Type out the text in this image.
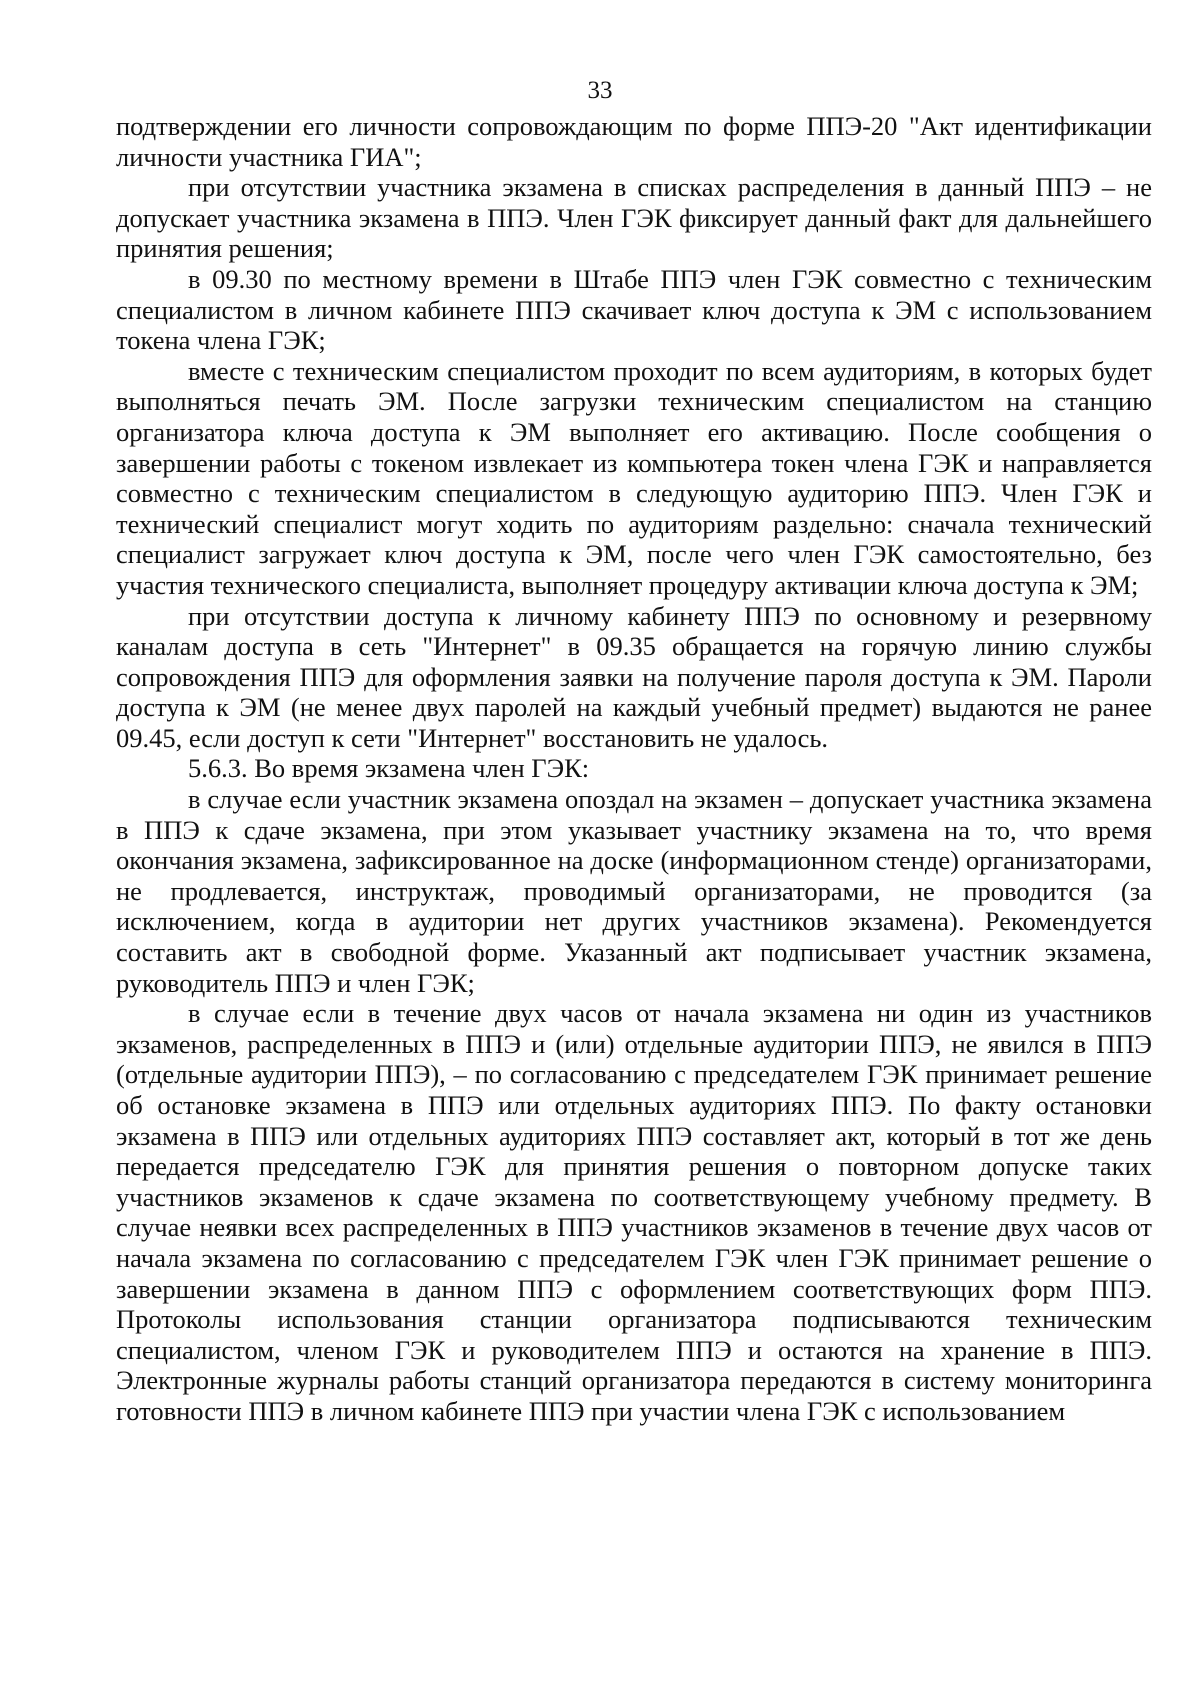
33

подтверждении его личности сопровождающим по форме ППЭ-20 "Акт идентификации личности участника ГИА";

при отсутствии участника экзамена в списках распределения в данный ППЭ – не допускает участника экзамена в ППЭ. Член ГЭК фиксирует данный факт для дальнейшего принятия решения;

в 09.30 по местному времени в Штабе ППЭ член ГЭК совместно с техническим специалистом в личном кабинете ППЭ скачивает ключ доступа к ЭМ с использованием токена члена ГЭК;

вместе с техническим специалистом проходит по всем аудиториям, в которых будет выполняться печать ЭМ. После загрузки техническим специалистом на станцию организатора ключа доступа к ЭМ выполняет его активацию. После сообщения о завершении работы с токеном извлекает из компьютера токен члена ГЭК и направляется совместно с техническим специалистом в следующую аудиторию ППЭ. Член ГЭК и технический специалист могут ходить по аудиториям раздельно: сначала технический специалист загружает ключ доступа к ЭМ, после чего член ГЭК самостоятельно, без участия технического специалиста, выполняет процедуру активации ключа доступа к ЭМ;

при отсутствии доступа к личному кабинету ППЭ по основному и резервному каналам доступа в сеть "Интернет" в 09.35 обращается на горячую линию службы сопровождения ППЭ для оформления заявки на получение пароля доступа к ЭМ. Пароли доступа к ЭМ (не менее двух паролей на каждый учебный предмет) выдаются не ранее 09.45, если доступ к сети "Интернет" восстановить не удалось.

5.6.3. Во время экзамена член ГЭК:

в случае если участник экзамена опоздал на экзамен – допускает участника экзамена в ППЭ к сдаче экзамена, при этом указывает участнику экзамена на то, что время окончания экзамена, зафиксированное на доске (информационном стенде) организаторами, не продлевается, инструктаж, проводимый организаторами, не проводится (за исключением, когда в аудитории нет других участников экзамена). Рекомендуется составить акт в свободной форме. Указанный акт подписывает участник экзамена, руководитель ППЭ и член ГЭК;

в случае если в течение двух часов от начала экзамена ни один из участников экзаменов, распределенных в ППЭ и (или) отдельные аудитории ППЭ, не явился в ППЭ (отдельные аудитории ППЭ), – по согласованию с председателем ГЭК принимает решение об остановке экзамена в ППЭ или отдельных аудиториях ППЭ. По факту остановки экзамена в ППЭ или отдельных аудиториях ППЭ составляет акт, который в тот же день передается председателю ГЭК для принятия решения о повторном допуске таких участников экзаменов к сдаче экзамена по соответствующему учебному предмету. В случае неявки всех распределенных в ППЭ участников экзаменов в течение двух часов от начала экзамена по согласованию с председателем ГЭК член ГЭК принимает решение о завершении экзамена в данном ППЭ с оформлением соответствующих форм ППЭ. Протоколы использования станции организатора подписываются техническим специалистом, членом ГЭК и руководителем ППЭ и остаются на хранение в ППЭ. Электронные журналы работы станций организатора передаются в систему мониторинга готовности ППЭ в личном кабинете ППЭ при участии члена ГЭК с использованием
